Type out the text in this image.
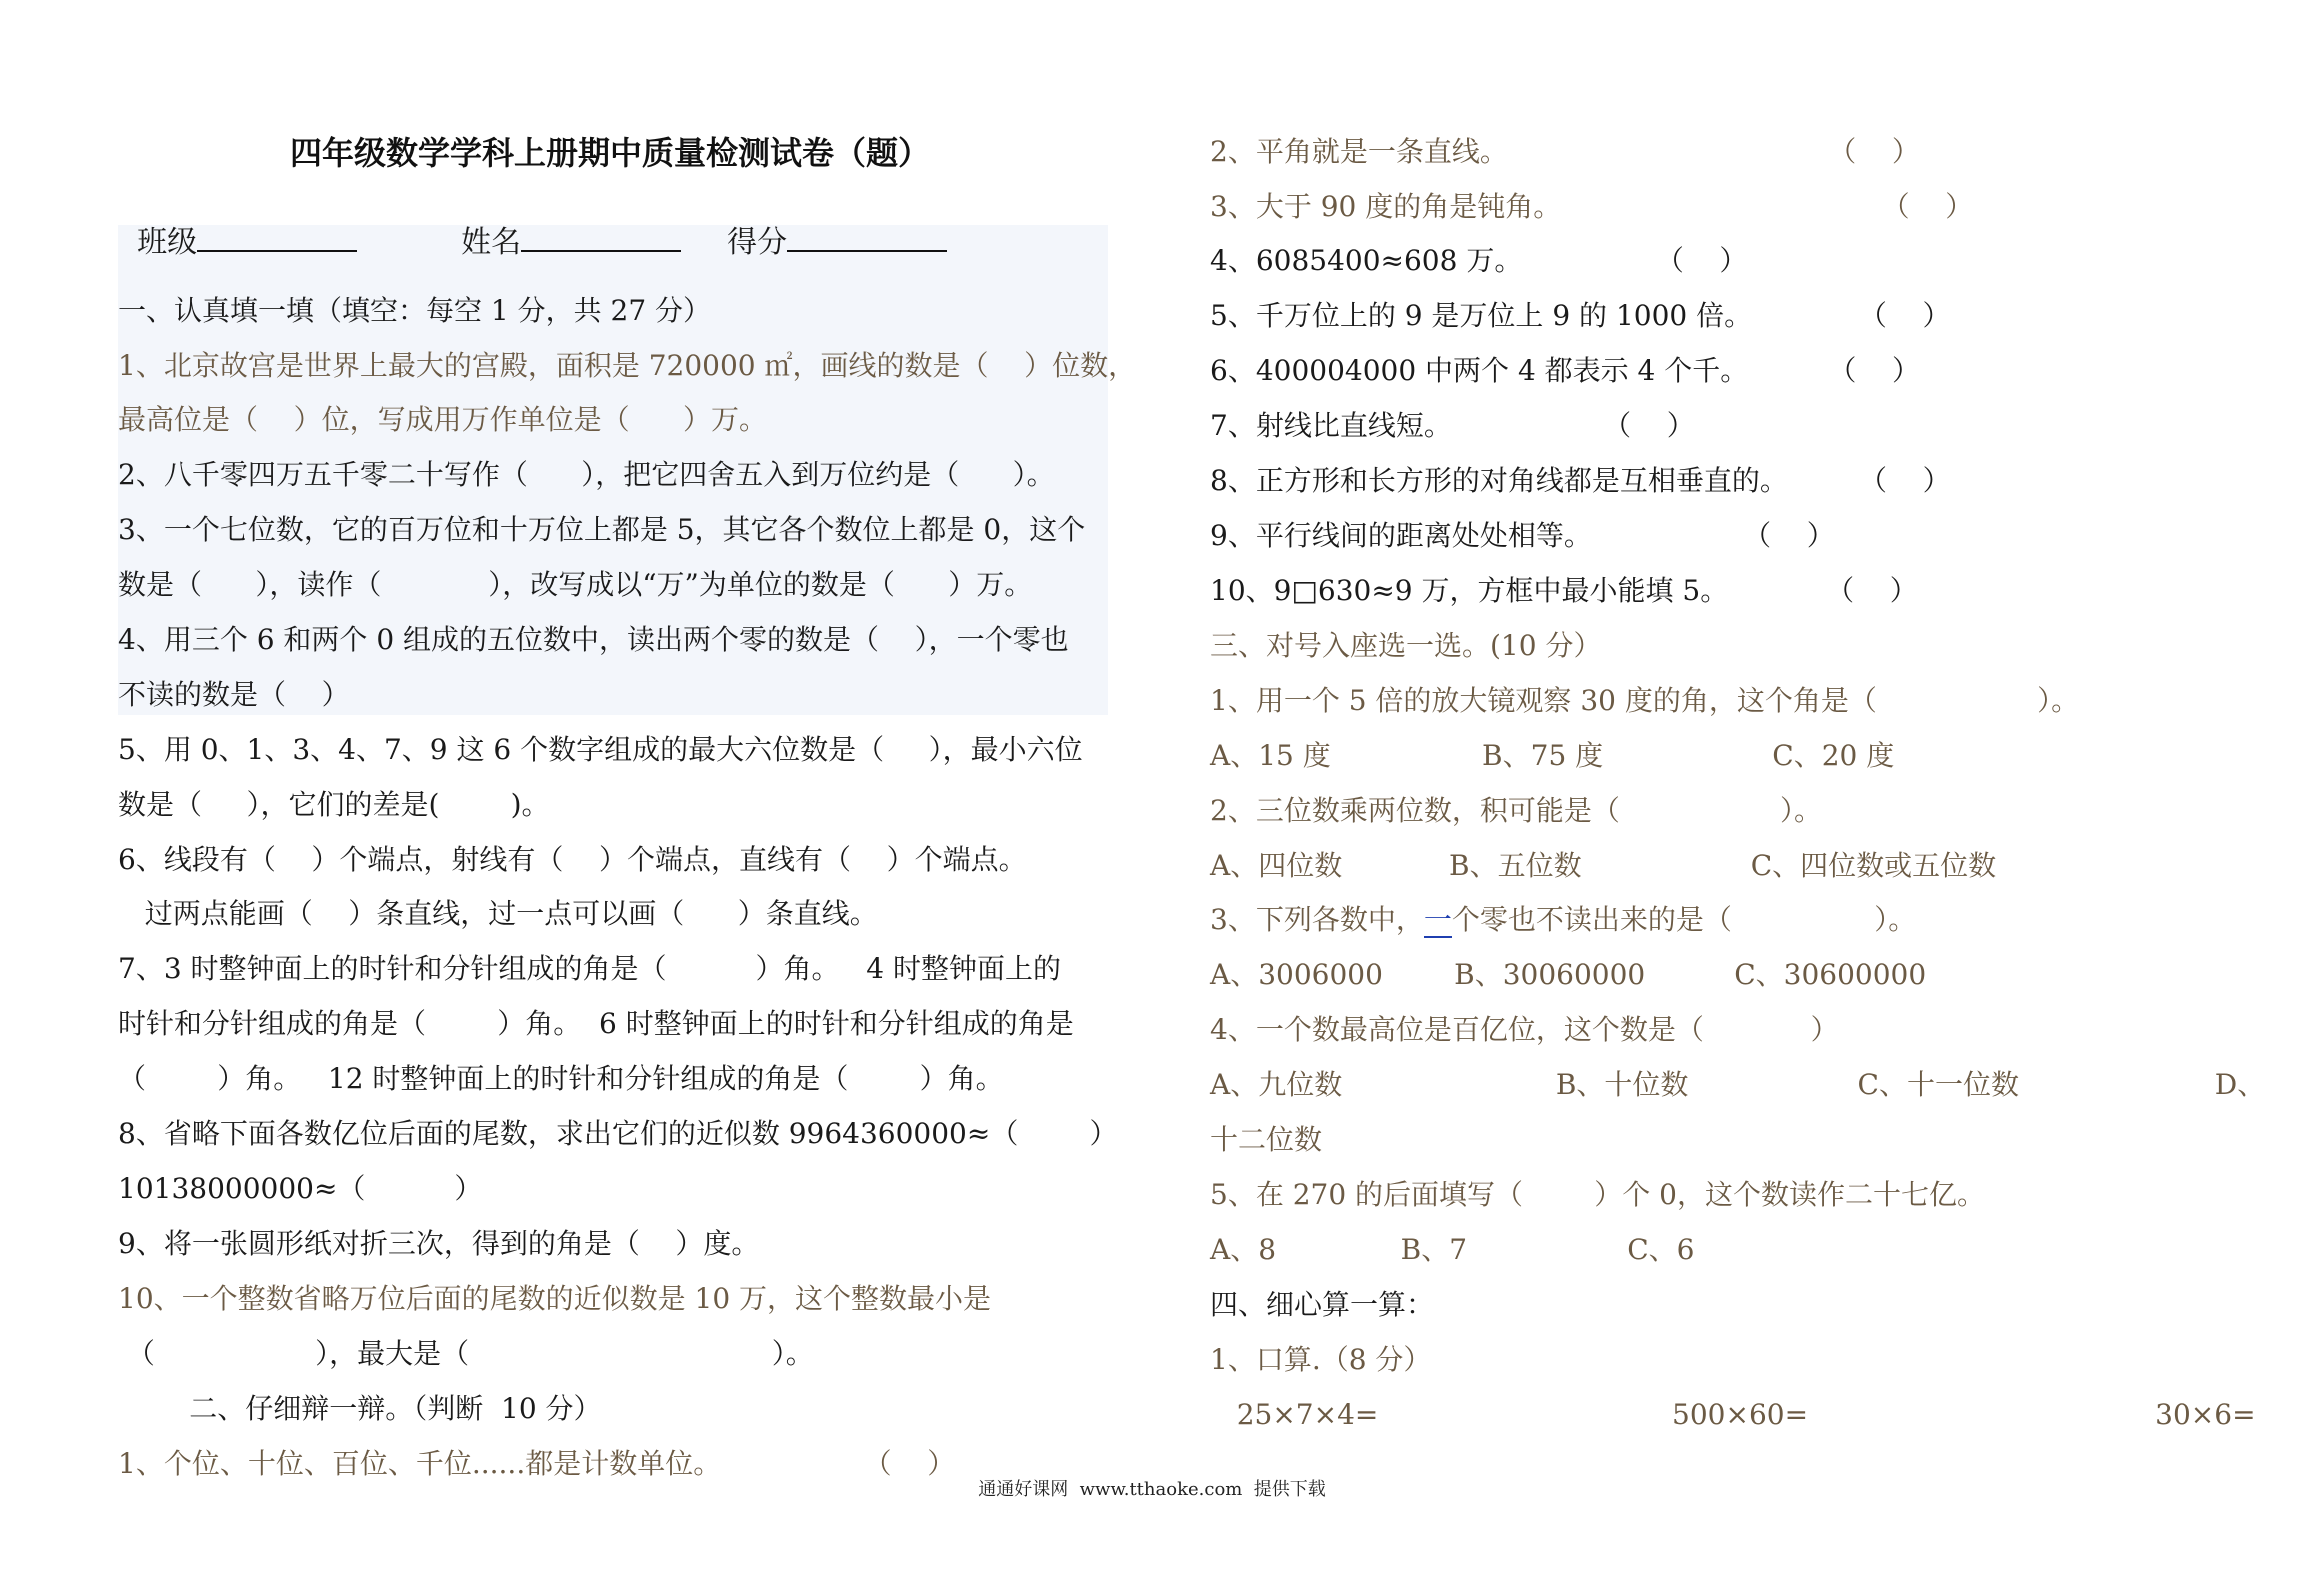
四年级数学学科上册期中质量检测试卷（题）

班级	姓名	得分

一、认真填一填（填空：每空 1 分，共 27 分）
1、北京故宫是世界上最大的宫殿，面积是 720000 ㎡，画线的数是（    ）位数，
最高位是（    ）位，写成用万作单位是（      ）万。
2、八千零四万五千零二十写作（      ），把它四舍五入到万位约是（      ）。
3、一个七位数，它的百万位和十万位上都是 5，其它各个数位上都是 0，这个
数是（      ），读作（            ），改写成以“万”为单位的数是（      ）万。
4、用三个 6 和两个 0 组成的五位数中，读出两个零的数是（    ），一个零也
不读的数是（    ）
5、用 0、1、3、4、7、9 这 6 个数字组成的最大六位数是（     ），最小六位
数是（     ），它们的差是(        )。
6、线段有（    ）个端点，射线有（    ）个端点，直线有（    ）个端点。
过两点能画（    ）条直线，过一点可以画（      ）条直线。
7、3 时整钟面上的时针和分针组成的角是（          ）角。   4 时整钟面上的
时针和分针组成的角是（        ）角。  6 时整钟面上的时针和分针组成的角是
（        ）角。   12 时整钟面上的时针和分针组成的角是（        ）角。
8、省略下面各数亿位后面的尾数，求出它们的近似数 9964360000≈（        ）
10138000000≈（          ）
9、将一张圆形纸对折三次，得到的角是（    ）度。
10、一个整数省略万位后面的尾数的近似数是 10 万，这个整数最小是
（                  ），最大是（                                  ）。
二、仔细辩一辩。（判断  10 分）
1、个位、十位、百位、千位......都是计数单位。                （    ）
2、平角就是一条直线。                                    （    ）
3、大于 90 度的角是钝角。                                    （    ）
4、6085400≈608 万。               （    ）
5、千万位上的 9 是万位上 9 的 1000 倍。            （    ）
6、400004000 中两个 4 都表示 4 个千。         （    ）
7、射线比直线短。                 （    ）
8、正方形和长方形的对角线都是互相垂直的。        （    ）
9、平行线间的距离处处相等。                 （    ）
10、9□630≈9 万，方框中最小能填 5。           （    ）
三、对号入座选一选。(10 分）
1、用一个 5 倍的放大镜观察 30 度的角，这个角是（                  ）。
A、15 度                 B、75 度                   C、20 度
2、三位数乘两位数，积可能是（                  ）。
A、四位数            B、五位数                   C、四位数或五位数
3、下列各数中，一个零也不读出来的是（                ）。
A、3006000        B、30060000          C、30600000
4、一个数最高位是百亿位，这个数是（            ）
A、九位数                        B、十位数                   C、十一位数                      D、
十二位数
5、在 270 的后面填写（        ）个 0，这个数读作二十七亿。
A、8              B、7                  C、6
四、细心算一算：
1、口算.（8 分）
25×7×4=                                 500×60=                                       30×6=
通通好课网  www.tthaoke.com  提供下载
